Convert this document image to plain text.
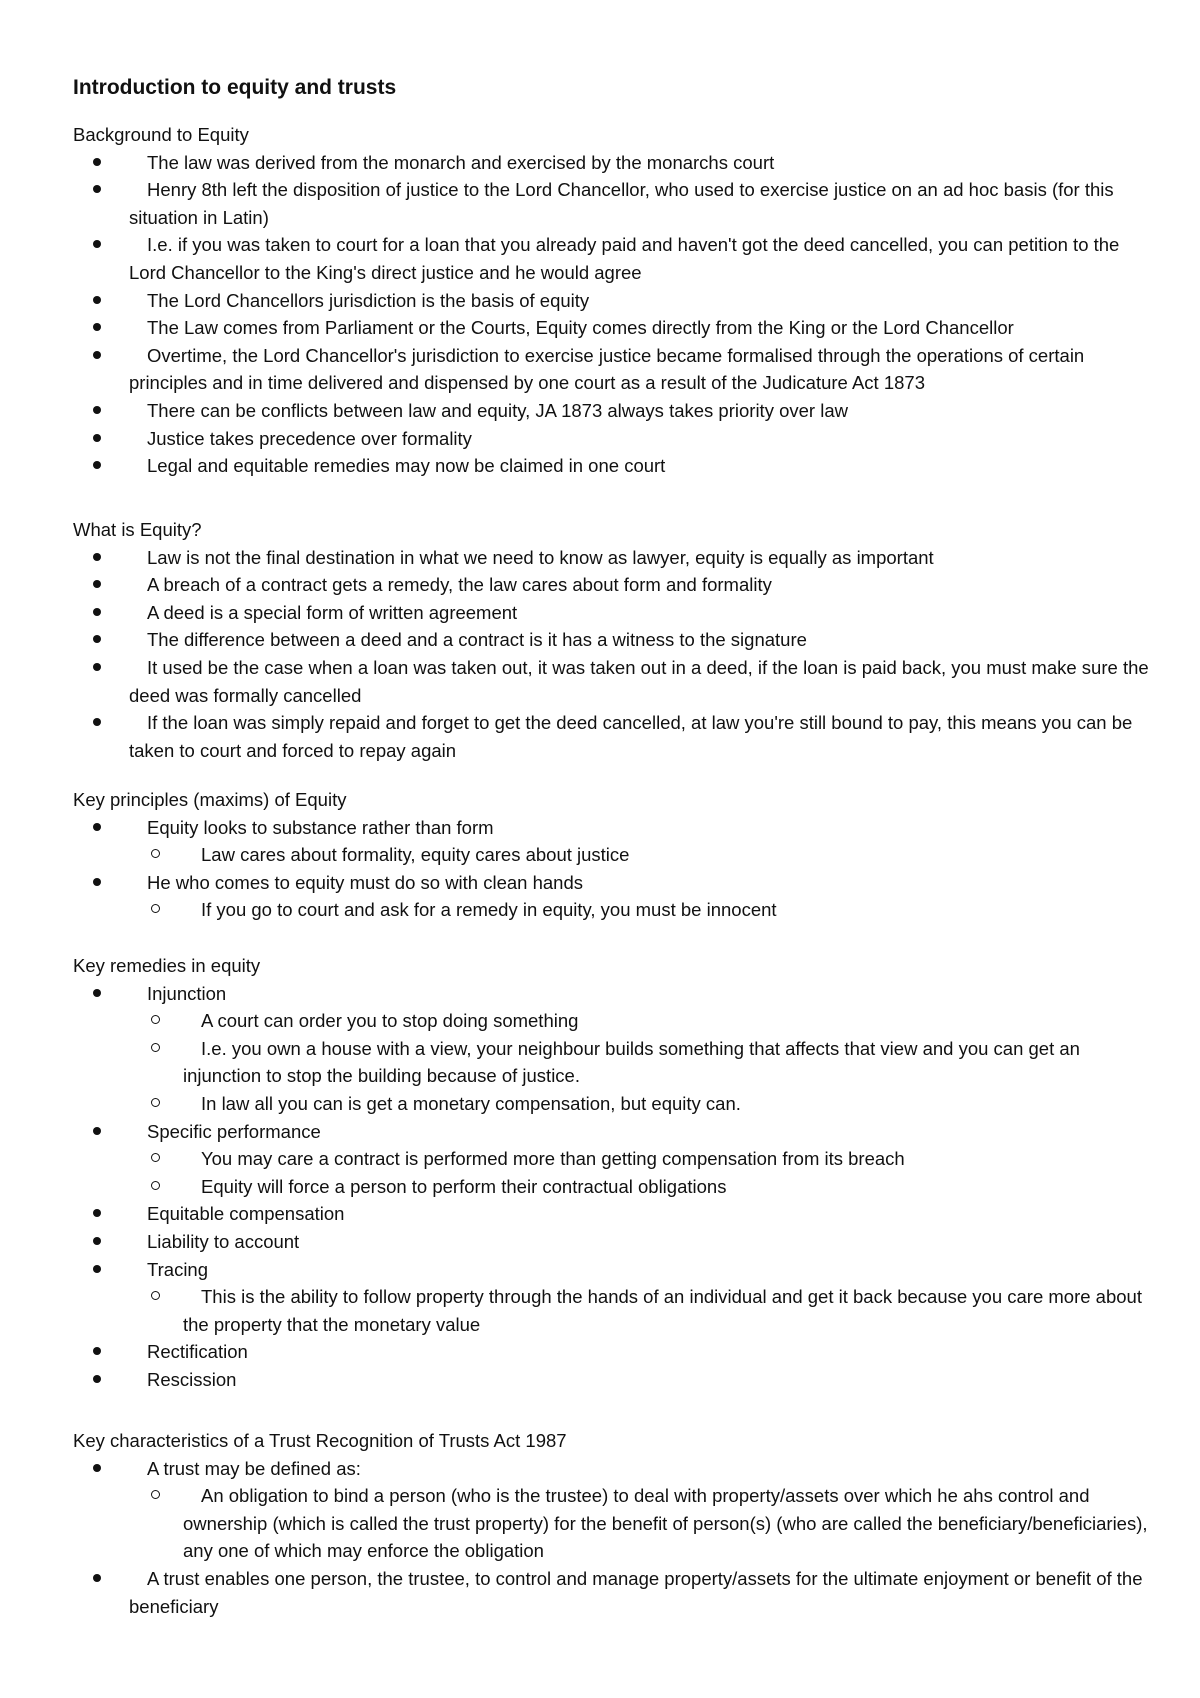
Introduction to equity and trusts
Background to Equity
The law was derived from the monarch and exercised by the monarchs court
Henry 8th left the disposition of justice to the Lord Chancellor, who used to exercise justice on an ad hoc basis (for this situation in Latin)
I.e. if you was taken to court for a loan that you already paid and haven't got the deed cancelled, you can petition to the Lord Chancellor to the King's direct justice and he would agree
The Lord Chancellors jurisdiction is the basis of equity
The Law comes from Parliament or the Courts, Equity comes directly from the King or the Lord Chancellor
Overtime, the Lord Chancellor's jurisdiction to exercise justice became formalised through the operations of certain principles and in time delivered and dispensed by one court as a result of the Judicature Act 1873
There can be conflicts between law and equity, JA 1873 always takes priority over law
Justice takes precedence over formality
Legal and equitable remedies may now be claimed in one court
What is Equity?
Law is not the final destination in what we need to know as lawyer, equity is equally as important
A breach of a contract gets a remedy, the law cares about form and formality
A deed is a special form of written agreement
The difference between a deed and a contract is it has a witness to the signature
It used be the case when a loan was taken out, it was taken out in a deed, if the loan is paid back, you must make sure the deed was formally cancelled
If the loan was simply repaid and forget to get the deed cancelled, at law you're still bound to pay, this means you can be taken to court and forced to repay again
Key principles (maxims) of Equity
Equity looks to substance rather than form
Law cares about formality, equity cares about justice
He who comes to equity must do so with clean hands
If you go to court and ask for a remedy in equity, you must be innocent
Key remedies in equity
Injunction
A court can order you to stop doing something
I.e. you own a house with a view, your neighbour builds something that affects that view and you can get an injunction to stop the building because of justice.
In law all you can is get a monetary compensation, but equity can.
Specific performance
You may care a contract is performed more than getting compensation from its breach
Equity will force a person to perform their contractual obligations
Equitable compensation
Liability to account
Tracing
This is the ability to follow property through the hands of an individual and get it back because you care more about the property that the monetary value
Rectification
Rescission
Key characteristics of a Trust Recognition of Trusts Act 1987
A trust may be defined as:
An obligation to bind a person (who is the trustee) to deal with property/assets over which he ahs control and ownership (which is called the trust property) for the benefit of person(s) (who are called the beneficiary/beneficiaries), any one of which may enforce the obligation
A trust enables one person, the trustee, to control and manage property/assets for the ultimate enjoyment or benefit of the beneficiary
